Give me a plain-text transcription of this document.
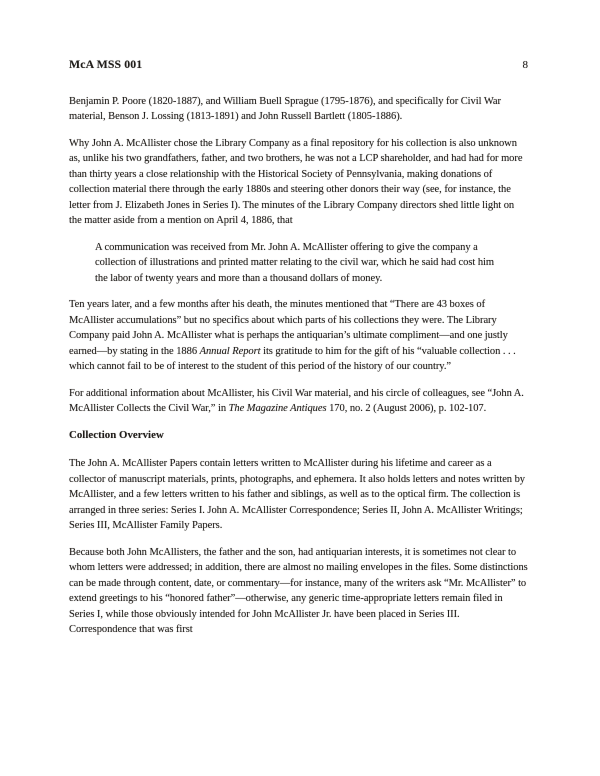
McA MSS 001	8

Benjamin P. Poore (1820-1887), and William Buell Sprague (1795-1876), and specifically for Civil War material, Benson J. Lossing (1813-1891) and John Russell Bartlett (1805-1886).

Why John A. McAllister chose the Library Company as a final repository for his collection is also unknown as, unlike his two grandfathers, father, and two brothers, he was not a LCP shareholder, and had had for more than thirty years a close relationship with the Historical Society of Pennsylvania, making donations of collection material there through the early 1880s and steering other donors their way (see, for instance, the letter from J. Elizabeth Jones in Series I). The minutes of the Library Company directors shed little light on the matter aside from a mention on April 4, 1886, that

A communication was received from Mr. John A. McAllister offering to give the company a collection of illustrations and printed matter relating to the civil war, which he said had cost him the labor of twenty years and more than a thousand dollars of money.

Ten years later, and a few months after his death, the minutes mentioned that “There are 43 boxes of McAllister accumulations” but no specifics about which parts of his collections they were. The Library Company paid John A. McAllister what is perhaps the antiquarian’s ultimate compliment—and one justly earned—by stating in the 1886 Annual Report its gratitude to him for the gift of his “valuable collection . . . which cannot fail to be of interest to the student of this period of the history of our country.”

For additional information about McAllister, his Civil War material, and his circle of colleagues, see “John A. McAllister Collects the Civil War,” in The Magazine Antiques 170, no. 2 (August 2006), p. 102-107.

Collection Overview

The John A. McAllister Papers contain letters written to McAllister during his lifetime and career as a collector of manuscript materials, prints, photographs, and ephemera. It also holds letters and notes written by McAllister, and a few letters written to his father and siblings, as well as to the optical firm. The collection is arranged in three series: Series I. John A. McAllister Correspondence; Series II, John A. McAllister Writings; Series III, McAllister Family Papers.

Because both John McAllisters, the father and the son, had antiquarian interests, it is sometimes not clear to whom letters were addressed; in addition, there are almost no mailing envelopes in the files. Some distinctions can be made through content, date, or commentary—for instance, many of the writers ask “Mr. McAllister” to extend greetings to his “honored father”—otherwise, any generic time-appropriate letters remain filed in Series I, while those obviously intended for John McAllister Jr. have been placed in Series III. Correspondence that was first
